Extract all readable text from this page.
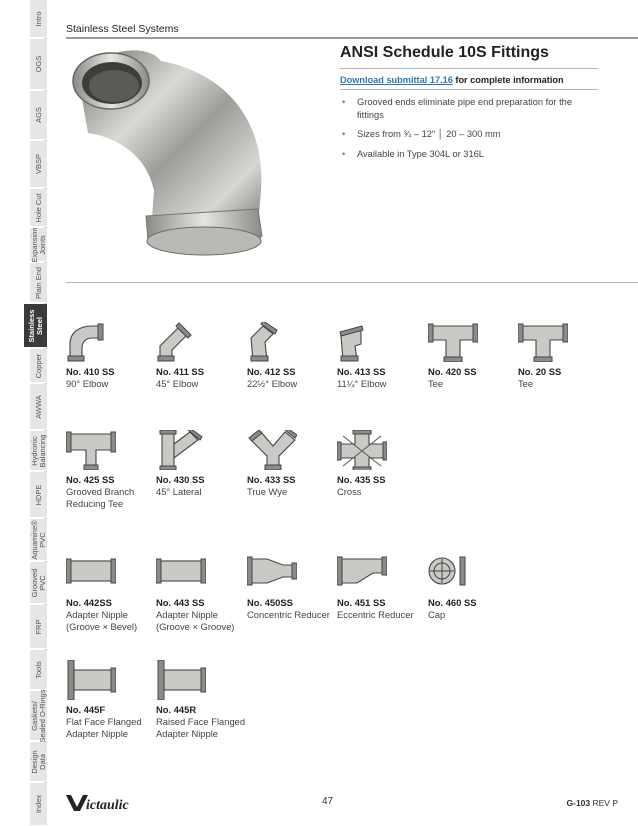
Intro
OGS
AGS
VBSP
Hole Cut
Expansion
Joints
Plain End
Stainless
Steel
Copper
AWWA
Hydronic
Balancing
HDPE
Aquamine®
PVC
Grooved
PVC
FRP
Tools
Gaskets/
Sealed O-Rings
Design
Data
Index
Stainless Steel Systems
ANSI Schedule 10S Fittings
Download submittal 17.16 for complete information
• Grooved ends eliminate pipe end preparation for the fittings
• Sizes from ¾ – 12" │ 20 – 300 mm
• Available in Type 304L or 316L
No. 410 SS
90° Elbow
No. 411 SS
45° Elbow
No. 412 SS
22½° Elbow
No. 413 SS
11¼° Elbow
No. 420 SS
Tee
No. 20 SS
Tee
No. 425 SS
Grooved Branch Reducing Tee
No. 430 SS
45° Lateral
No. 433 SS
True Wye
No. 435 SS
Cross
No. 442SS
Adapter Nipple (Groove × Bevel)
No. 443 SS
Adapter Nipple (Groove × Groove)
No. 450SS
Concentric Reducer
No. 451 SS
Eccentric Reducer
No. 460 SS
Cap
No. 445F
Flat Face Flanged Adapter Nipple
No. 445R
Raised Face Flanged Adapter Nipple
ictaulic	47	G-103 REV P
